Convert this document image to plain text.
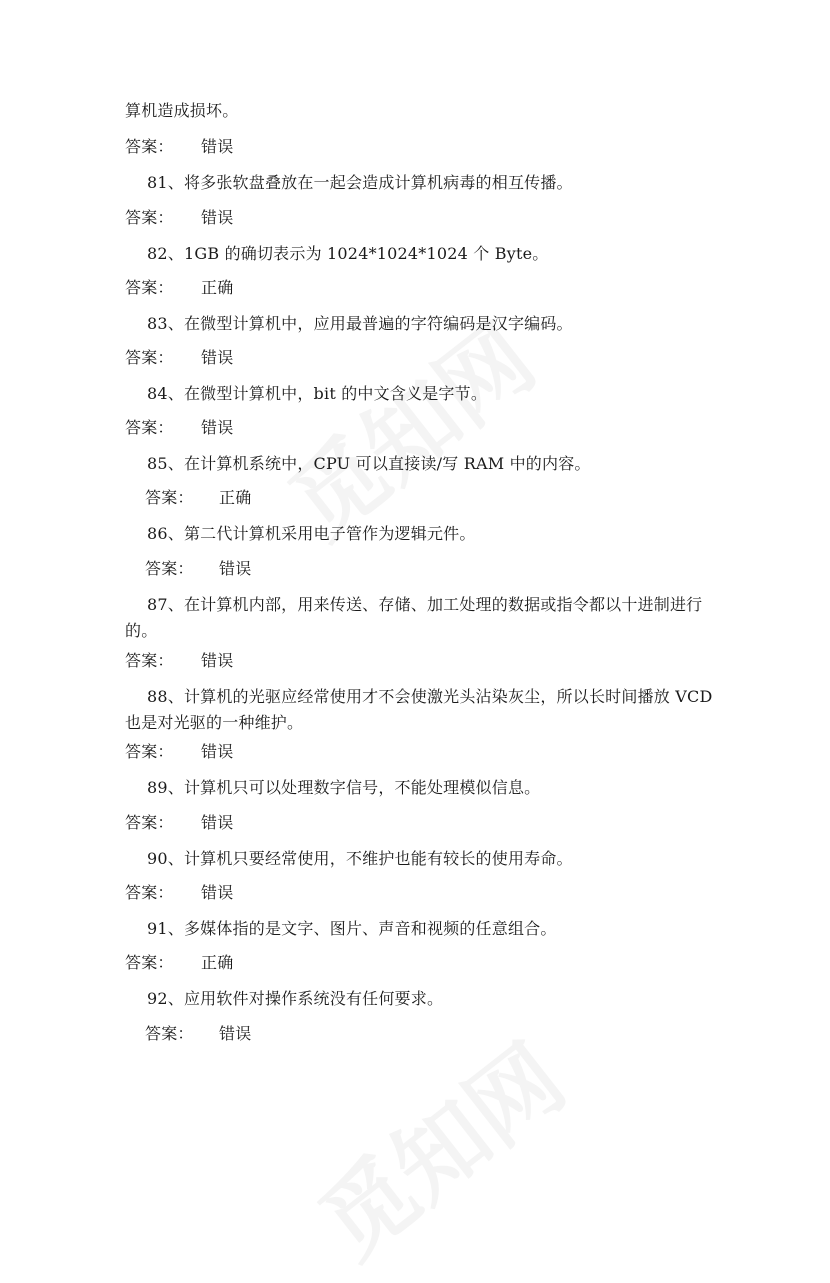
算机造成损坏。
答案： 错误
81、将多张软盘叠放在一起会造成计算机病毒的相互传播。
答案： 错误
82、1GB 的确切表示为 1024*1024*1024 个 Byte。
答案： 正确
83、在微型计算机中，应用最普遍的字符编码是汉字编码。
答案： 错误
84、在微型计算机中，bit 的中文含义是字节。
答案： 错误
85、在计算机系统中，CPU 可以直接读/写 RAM 中的内容。
答案： 正确
86、第二代计算机采用电子管作为逻辑元件。
答案： 错误
87、在计算机内部，用来传送、存储、加工处理的数据或指令都以十进制进行的。
答案： 错误
88、计算机的光驱应经常使用才不会使激光头沾染灰尘，所以长时间播放 VCD 也是对光驱的一种维护。
答案： 错误
89、计算机只可以处理数字信号，不能处理模似信息。
答案： 错误
90、计算机只要经常使用，不维护也能有较长的使用寿命。
答案： 错误
91、多媒体指的是文字、图片、声音和视频的任意组合。
答案： 正确
92、应用软件对操作系统没有任何要求。
答案： 错误
